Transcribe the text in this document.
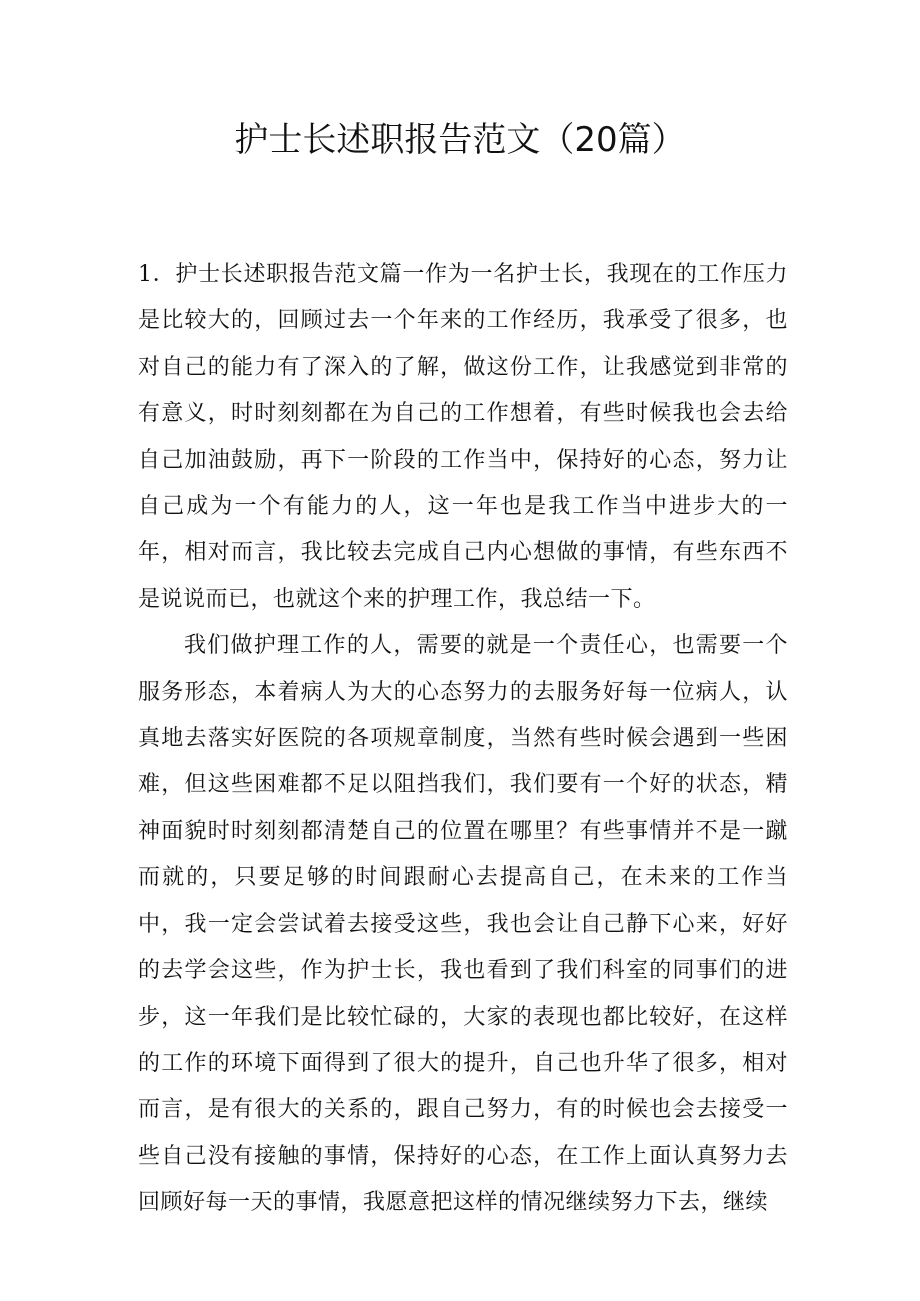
护士长述职报告范文（20篇）

1．护士长述职报告范文篇一作为一名护士长，我现在的工作压力是比较大的，回顾过去一个年来的工作经历，我承受了很多，也对自己的能力有了深入的了解，做这份工作，让我感觉到非常的有意义，时时刻刻都在为自己的工作想着，有些时候我也会去给自己加油鼓励，再下一阶段的工作当中，保持好的心态，努力让自己成为一个有能力的人，这一年也是我工作当中进步大的一年，相对而言，我比较去完成自己内心想做的事情，有些东西不是说说而已，也就这个来的护理工作，我总结一下。

我们做护理工作的人，需要的就是一个责任心，也需要一个服务形态，本着病人为大的心态努力的去服务好每一位病人，认真地去落实好医院的各项规章制度，当然有些时候会遇到一些困难，但这些困难都不足以阻挡我们，我们要有一个好的状态，精神面貌时时刻刻都清楚自己的位置在哪里？有些事情并不是一蹴而就的，只要足够的时间跟耐心去提高自己，在未来的工作当中，我一定会尝试着去接受这些，我也会让自己静下心来，好好的去学会这些，作为护士长，我也看到了我们科室的同事们的进步，这一年我们是比较忙碌的，大家的表现也都比较好，在这样的工作的环境下面得到了很大的提升，自己也升华了很多，相对而言，是有很大的关系的，跟自己努力，有的时候也会去接受一些自己没有接触的事情，保持好的心态，在工作上面认真努力去回顾好每一天的事情，我愿意把这样的情况继续努力下去，继续
